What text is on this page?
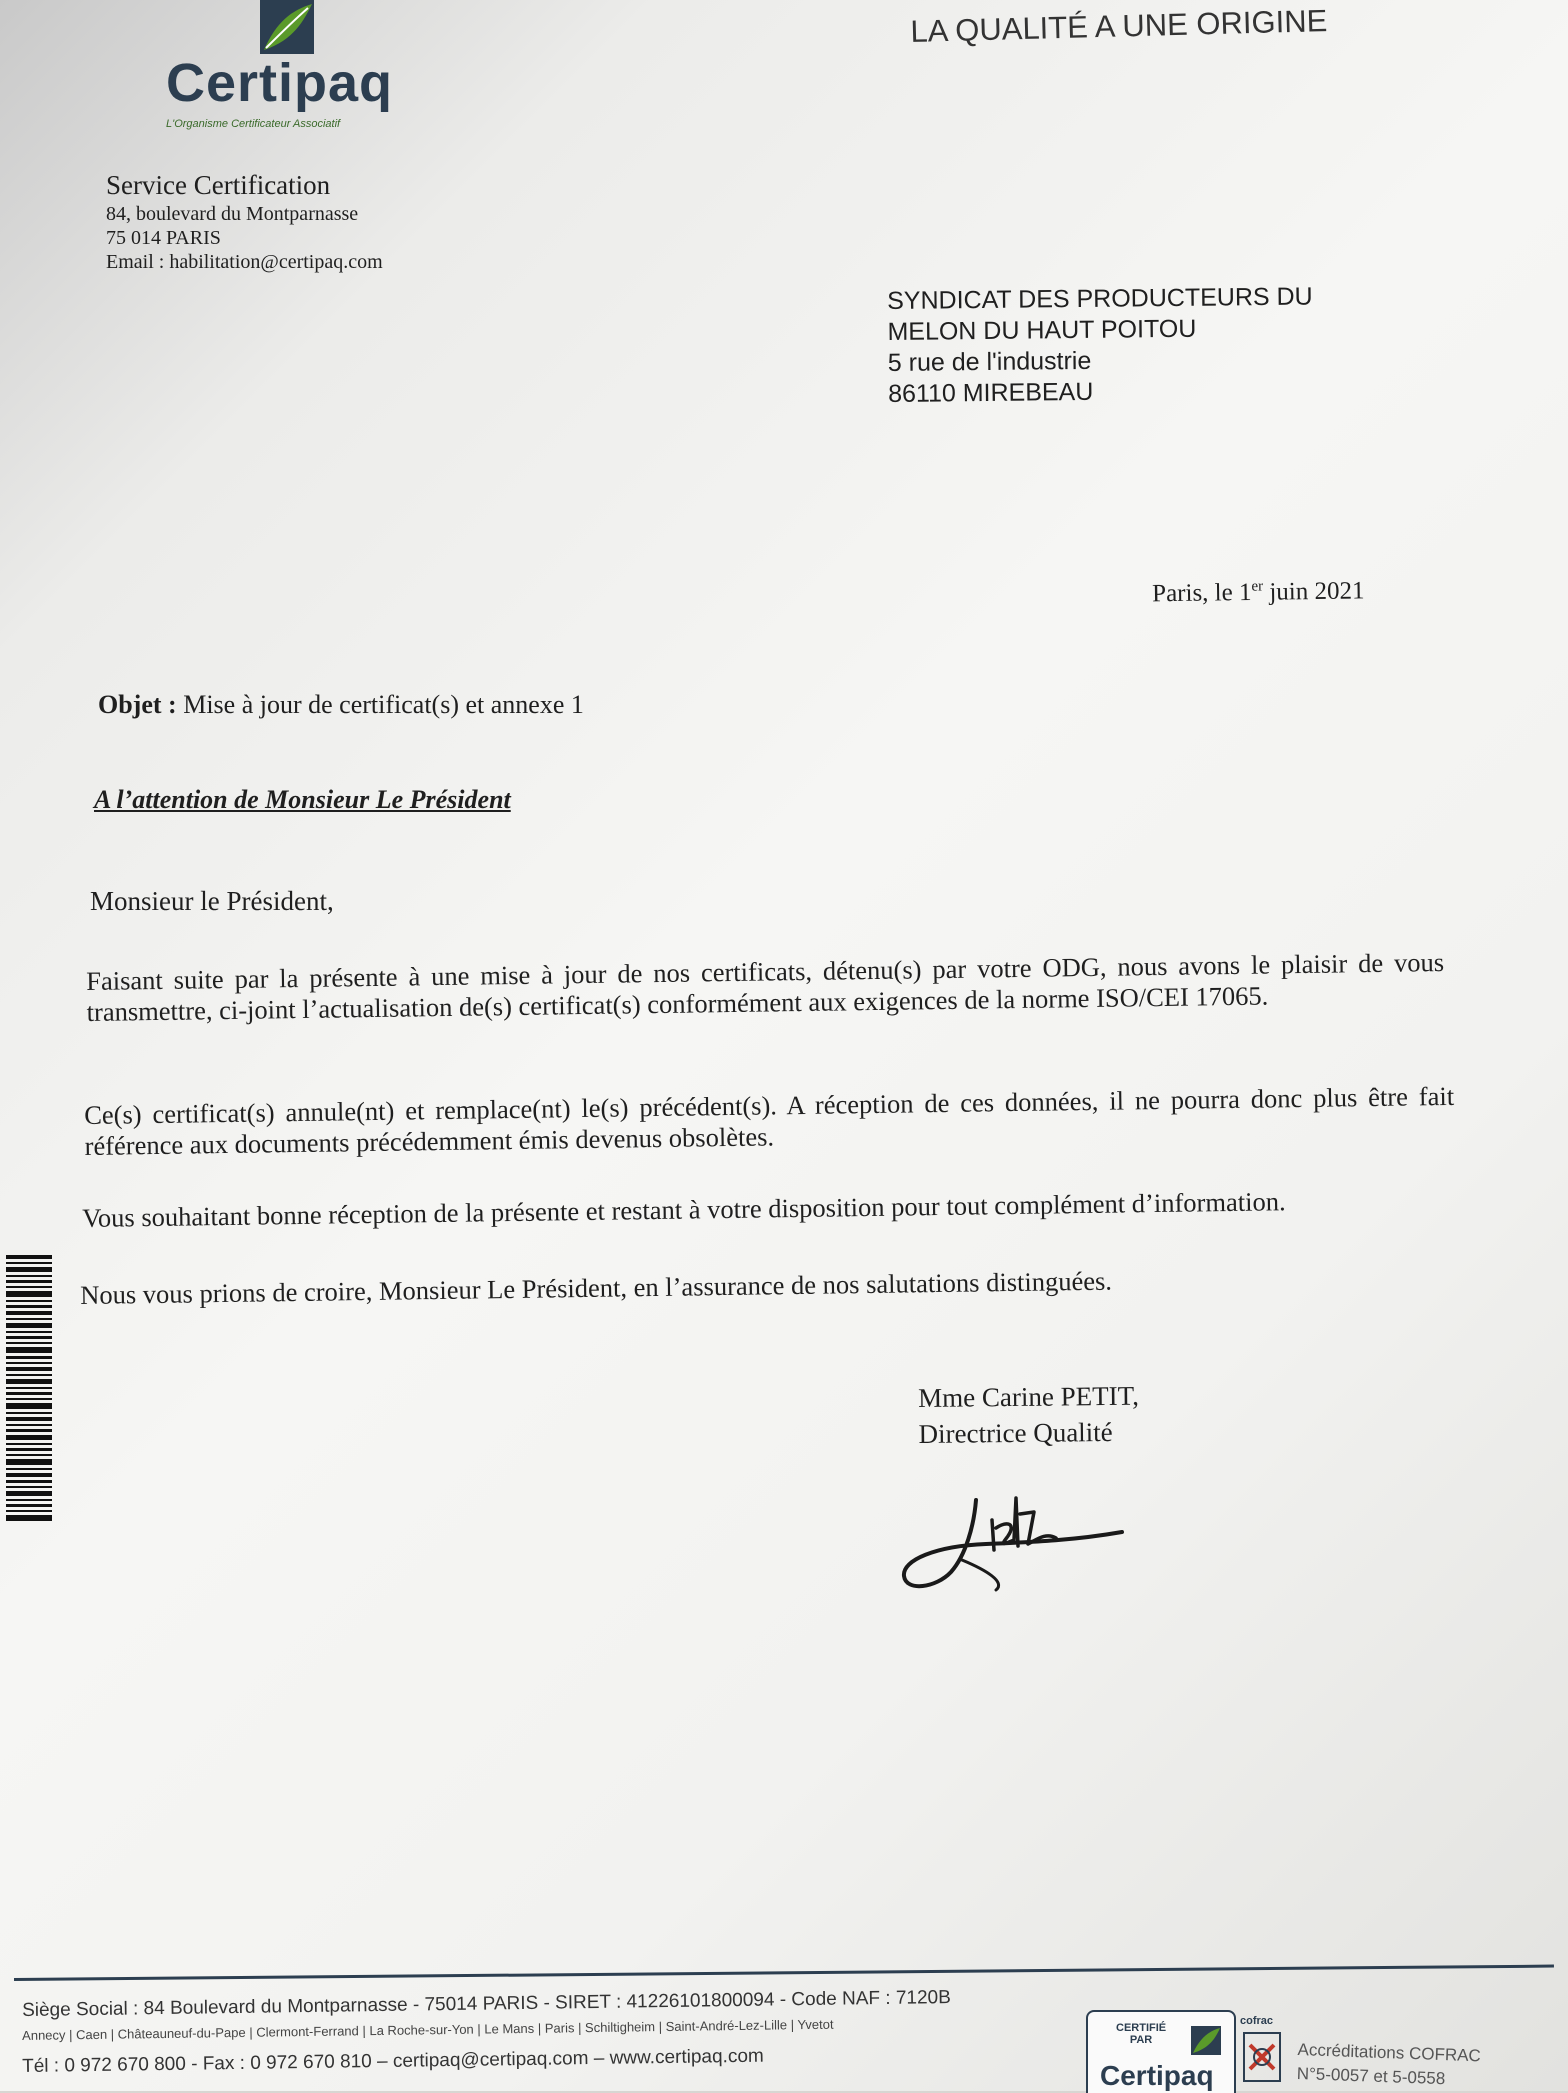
Certipaq
L'Organisme Certificateur Associatif
LA QUALITÉ A UNE ORIGINE
Service Certification
84, boulevard du Montparnasse
75 014 PARIS
Email : habilitation@certipaq.com
SYNDICAT DES PRODUCTEURS DU
MELON DU HAUT POITOU
5 rue de l'industrie
86110 MIREBEAU
Paris, le 1er juin 2021
Objet : Mise à jour de certificat(s) et annexe 1
A l’attention de Monsieur Le Président
Monsieur le Président,
Faisant suite par la présente à une mise à jour de nos certificats, détenu(s) par votre ODG, nous avons le plaisir de vous transmettre, ci-joint l’actualisation de(s) certificat(s) conformément aux exigences de la norme ISO/CEI 17065.
Ce(s) certificat(s) annule(nt) et remplace(nt) le(s) précédent(s). A réception de ces données, il ne pourra donc plus être fait référence aux documents précédemment émis devenus obsolètes.
Vous souhaitant bonne réception de la présente et restant à votre disposition pour tout complément d’information.
Nous vous prions de croire, Monsieur Le Président, en l’assurance de nos salutations distinguées.
Mme Carine PETIT,
Directrice Qualité
Siège Social : 84 Boulevard du Montparnasse - 75014 PARIS - SIRET : 41226101800094 - Code NAF : 7120B
Annecy | Caen | Châteauneuf-du-Pape | Clermont-Ferrand | La Roche-sur-Yon | Le Mans | Paris | Schiltigheim | Saint-André-Lez-Lille | Yvetot
Tél : 0 972 670 800 - Fax : 0 972 670 810 – certipaq@certipaq.com – www.certipaq.com
CERTIFIÉ
PAR
Certipaq
cofrac
Accréditations COFRAC
N°5-0057 et 5-0558
